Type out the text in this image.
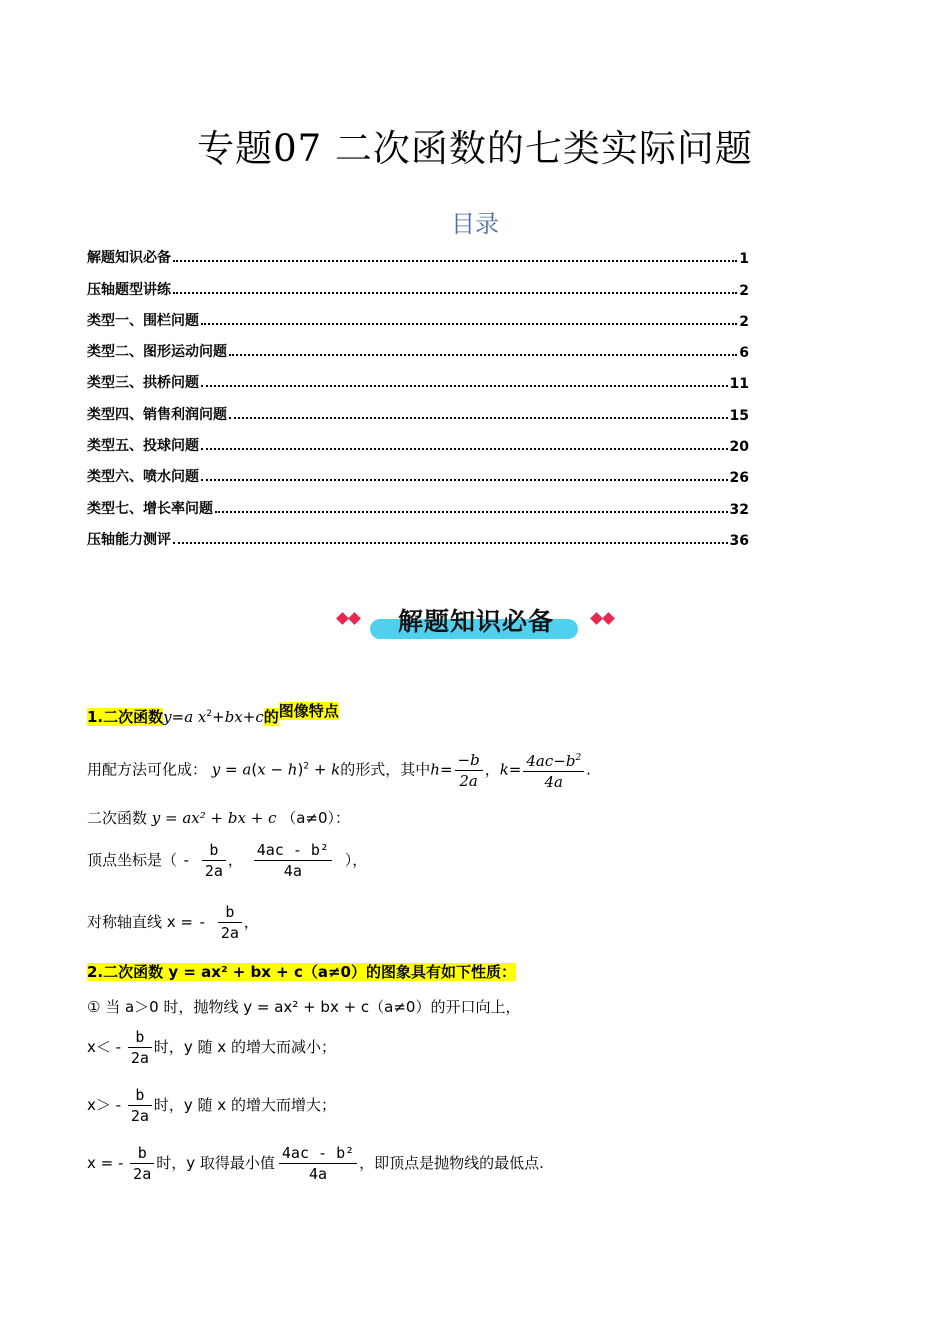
专题07 二次函数的七类实际问题
目录
解题知识必备	1
压轴题型讲练	2
类型一、围栏问题	2
类型二、图形运动问题	6
类型三、拱桥问题	11
类型四、销售利润问题	15
类型五、投球问题	20
类型六、喷水问题	26
类型七、增长率问题	32
压轴能力测评	36
解题知识必备
1.二次函数y=a $x^2+bx+c$的图像特点
用配方法可化成： $y = a(x - h)^2 + k$的形式，其中$h= \frac{-b}{2a}$ ，$k= \frac{4ac-b^2}{4a}$ .
二次函数 y = ax² + bx + c （a≠0）：
顶点坐标是（ - $\frac{b}{2a}$ ， $\frac{\text{4ac - b²}}{4a}$ ），
对称轴直线 x = - $\frac{b}{2a}$ ，
2.二次函数 y = ax² + bx + c（a≠0）的图象具有如下性质：
① 当 a＞0 时，抛物线 y = ax² + bx + c（a≠0）的开口向上，
$x< - \frac{b}{2a}$ 时，y 随 x 的增大而减小；
$x> - \frac{b}{2a}$ 时，y 随 x 的增大而增大；
x = - $\frac{b}{2a}$ 时，y 取得最小值 $\frac{\text{4ac - b²}}{4a}$ ，即顶点是抛物线的最低点.
